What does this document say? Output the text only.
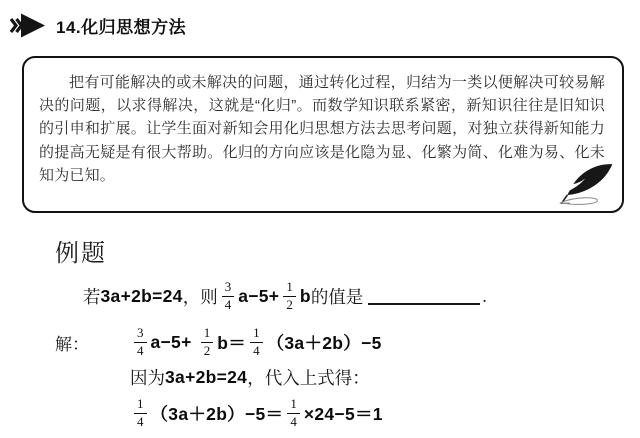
14.化归思想方法

把有可能解决的或未解决的问题，通过转化过程，归结为一类以便解决可较易解决的问题，以求得解决，这就是“化归”。而数学知识联系紧密，新知识往往是旧知识的引申和扩展。让学生面对新知会用化归思想方法去思考问题，对独立获得新知能力的提高无疑是有很大帮助。化归的方向应该是化隐为显、化繁为简、化难为易、化未知为已知。

例题
若 3a+2b=24 ，则 $\frac{3}{4} a-5+ \frac{1}{2}$ b 的值是	.
解：	$\frac{3}{4} a-5+ \frac{1}{2} b= \frac{1}{4} (3a+2b)-5$
因为 3a+2b=24 ，代入上式得：
$\frac{1}{4} (3a+2b)-5= \frac{1}{4} \times 24-5=1$
